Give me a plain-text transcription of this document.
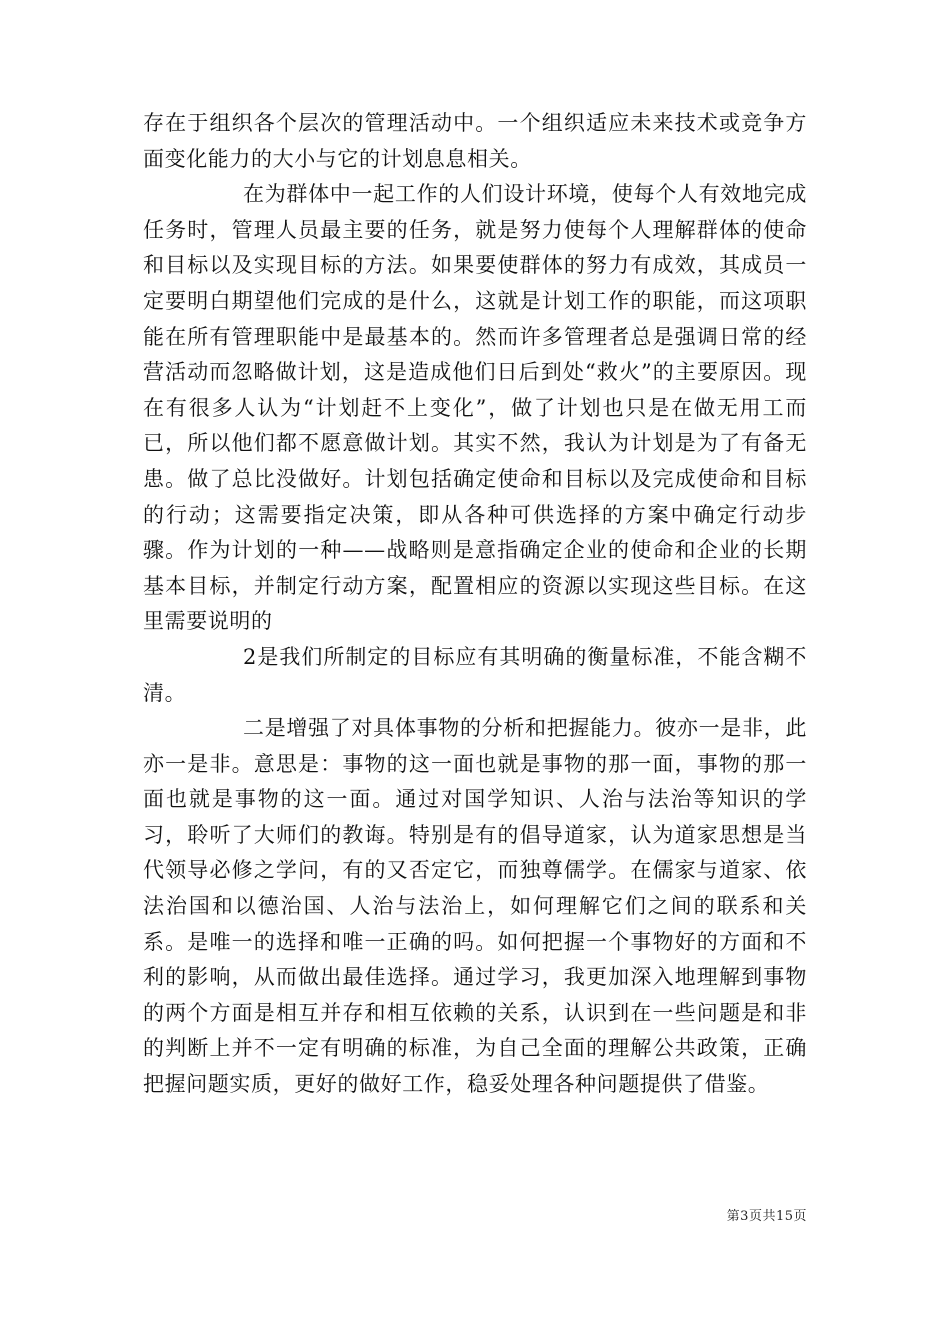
存在于组织各个层次的管理活动中。一个组织适应未来技术或竞争方面变化能力的大小与它的计划息息相关。

在为群体中一起工作的人们设计环境，使每个人有效地完成任务时，管理人员最主要的任务，就是努力使每个人理解群体的使命和目标以及实现目标的方法。如果要使群体的努力有成效，其成员一定要明白期望他们完成的是什么，这就是计划工作的职能，而这项职能在所有管理职能中是最基本的。然而许多管理者总是强调日常的经营活动而忽略做计划，这是造成他们日后到处“救火”的主要原因。现在有很多人认为“计划赶不上变化”，做了计划也只是在做无用工而已，所以他们都不愿意做计划。其实不然，我认为计划是为了有备无患。做了总比没做好。计划包括确定使命和目标以及完成使命和目标的行动；这需要指定决策，即从各种可供选择的方案中确定行动步骤。作为计划的一种——战略则是意指确定企业的使命和企业的长期基本目标，并制定行动方案，配置相应的资源以实现这些目标。在这里需要说明的

2是我们所制定的目标应有其明确的衡量标准，不能含糊不清。

二是增强了对具体事物的分析和把握能力。彼亦一是非，此亦一是非。意思是：事物的这一面也就是事物的那一面，事物的那一面也就是事物的这一面。通过对国学知识、人治与法治等知识的学习，聆听了大师们的教诲。特别是有的倡导道家，认为道家思想是当代领导必修之学问，有的又否定它，而独尊儒学。在儒家与道家、依法治国和以德治国、人治与法治上，如何理解它们之间的联系和关系。是唯一的选择和唯一正确的吗。如何把握一个事物好的方面和不利的影响，从而做出最佳选择。通过学习，我更加深入地理解到事物的两个方面是相互并存和相互依赖的关系，认识到在一些问题是和非的判断上并不一定有明确的标准，为自己全面的理解公共政策，正确把握问题实质，更好的做好工作，稳妥处理各种问题提供了借鉴。

第3页共15页
